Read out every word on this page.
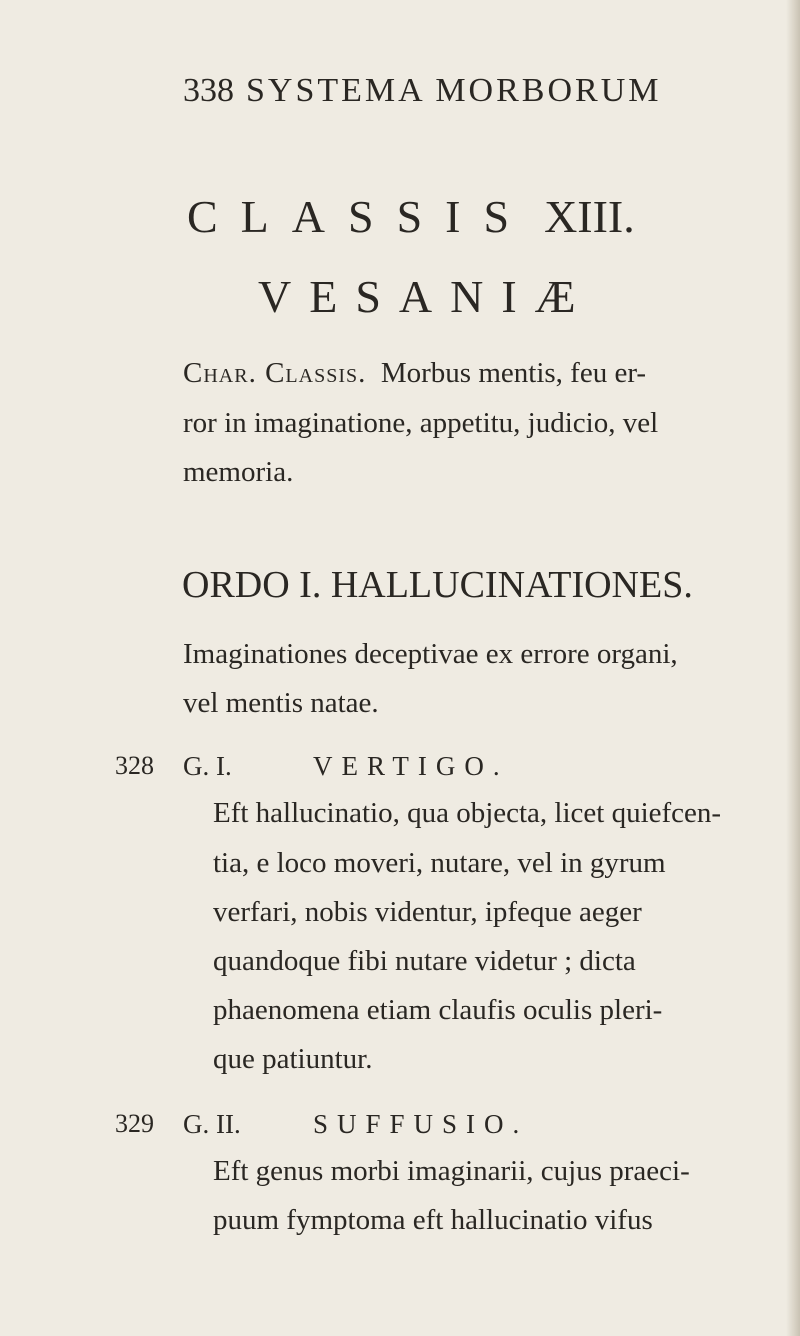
338 SYSTEMA MORBORUM
CLASSIS XIII.
VESANIÆ
Char. Classis. Morbus mentis, feu er-
ror in imaginatione, appetitu, judicio, vel
memoria.
ORDO I. HALLUCINATIONES.
Imaginationes deceptivae ex errore organi,
vel mentis natae.
328 G. I.	VERTIGO.
Eft hallucinatio, qua objecta, licet quiefcen-
tia, e loco moveri, nutare, vel in gyrum
verfari, nobis videntur, ipfeque aeger
quandoque fibi nutare videtur ; dicta
phaenomena etiam claufis oculis pleri-
que patiuntur.
329 G. II.	SUFFUSIO.
Eft genus morbi imaginarii, cujus praeci-
puum fymptoma eft hallucinatio vifus
